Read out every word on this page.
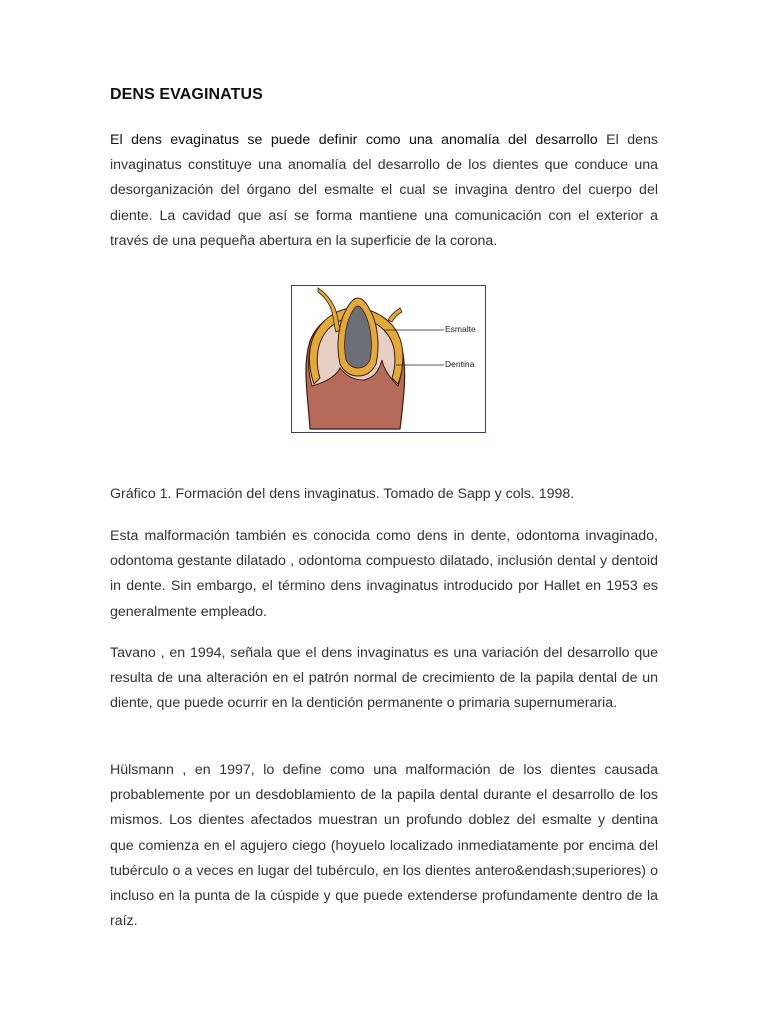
DENS EVAGINATUS

El dens evaginatus se puede definir como una anomalía del desarrollo El dens invaginatus constituye una anomalía del desarrollo de los dientes que conduce una desorganización del órgano del esmalte el cual se invagina dentro del cuerpo del diente. La cavidad que así se forma mantiene una comunicación con el exterior a través de una pequeña abertura en la superficie de la corona.

Esmalte
Dentina

Gráfico 1. Formación del dens invaginatus. Tomado de Sapp y cols. 1998.

Esta malformación también es conocida como dens in dente, odontoma invaginado, odontoma gestante dilatado , odontoma compuesto dilatado, inclusión dental y dentoid in dente. Sin embargo, el término dens invaginatus introducido por Hallet en 1953 es generalmente empleado.

Tavano , en 1994, señala que el dens invaginatus es una variación del desarrollo que resulta de una alteración en el patrón normal de crecimiento de la papila dental de un diente, que puede ocurrir en la dentición permanente o primaria supernumeraria.

Hülsmann , en 1997, lo define como una malformación de los dientes causada probablemente por un desdoblamiento de la papila dental durante el desarrollo de los mismos. Los dientes afectados muestran un profundo doblez del esmalte y dentina que comienza en el agujero ciego (hoyuelo localizado inmediatamente por encima del tubérculo o a veces en lugar del tubérculo, en los dientes antero&endash;superiores) o incluso en la punta de la cúspide y que puede extenderse profundamente dentro de la raíz.
